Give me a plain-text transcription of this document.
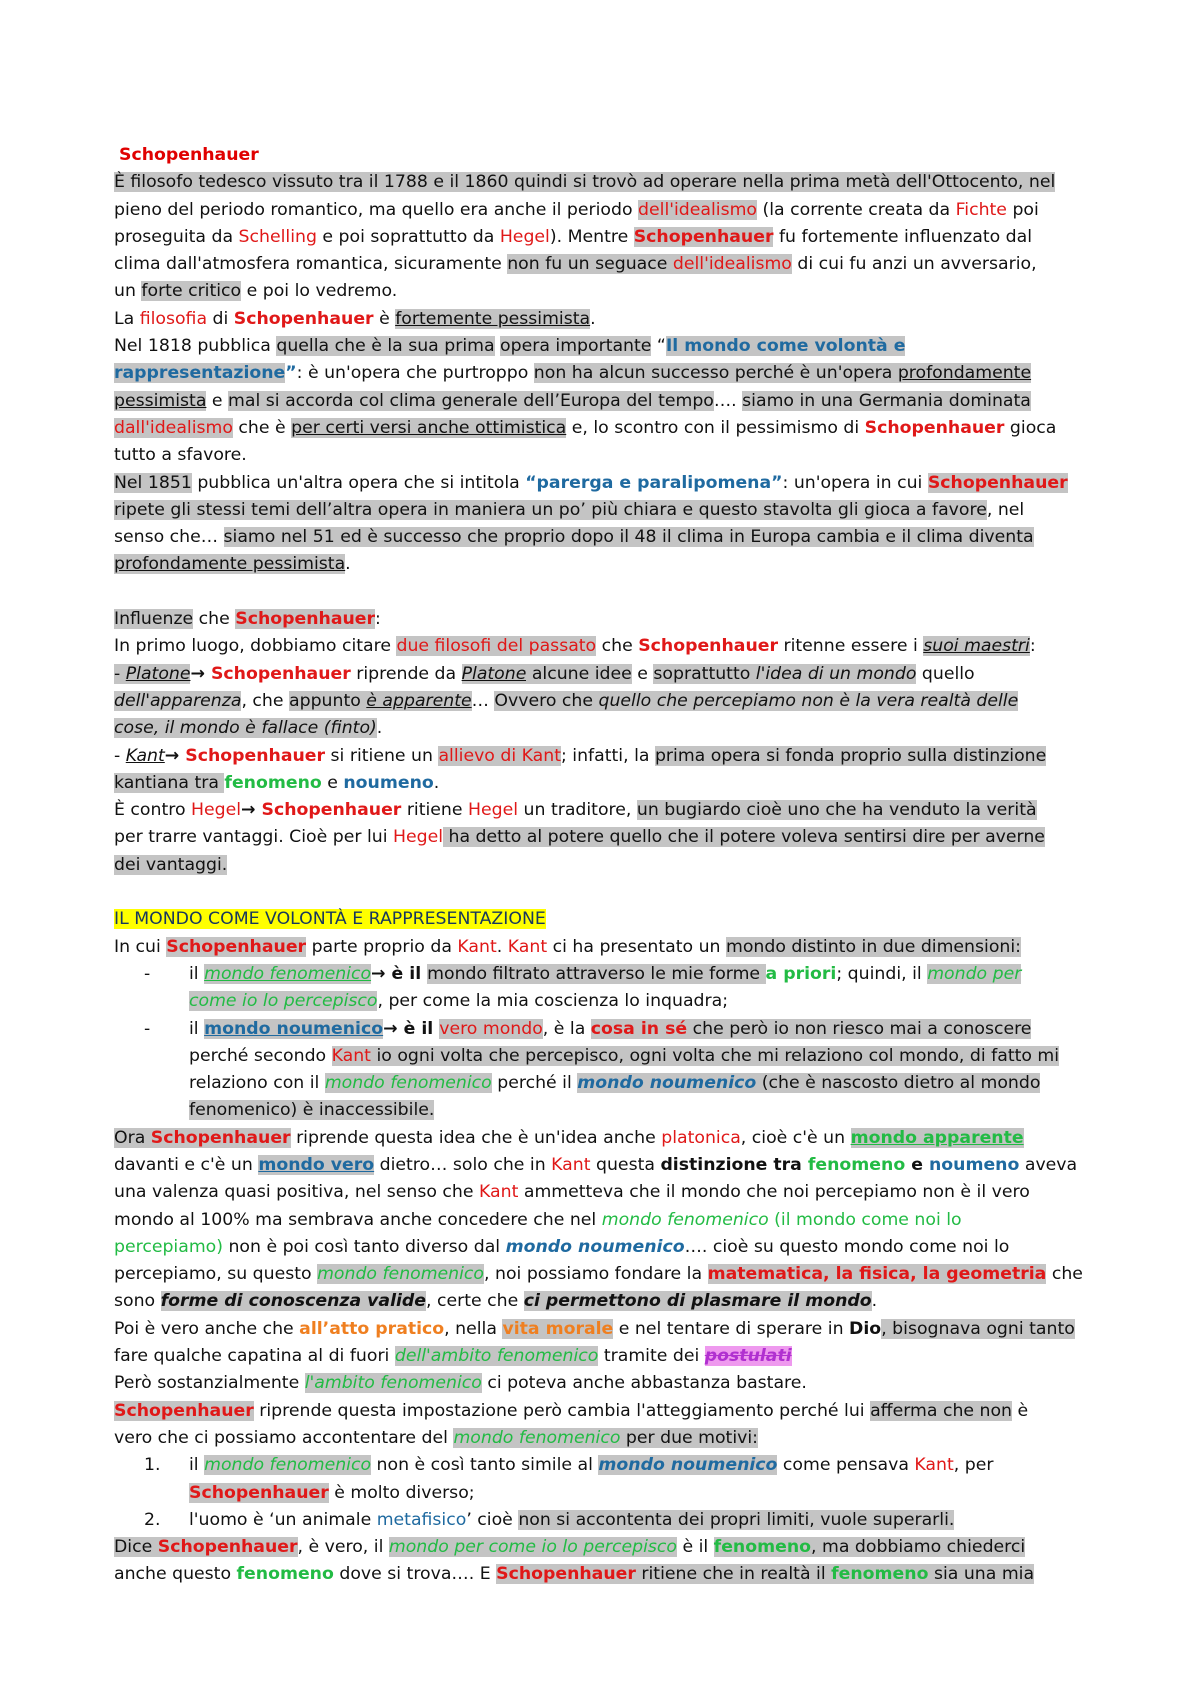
Schopenhauer
È filosofo tedesco vissuto tra il 1788 e il 1860 quindi si trovò ad operare nella prima metà dell'Ottocento, nel
pieno del periodo romantico, ma quello era anche il periodo dell'idealismo (la corrente creata da Fichte poi
proseguita da Schelling e poi soprattutto da Hegel). Mentre Schopenhauer fu fortemente influenzato dal
clima dall'atmosfera romantica, sicuramente non fu un seguace dell'idealismo di cui fu anzi un avversario,
un forte critico e poi lo vedremo.
La filosofia di Schopenhauer è fortemente pessimista.
Nel 1818 pubblica quella che è la sua prima opera importante “Il mondo come volontà e
rappresentazione”: è un'opera che purtroppo non ha alcun successo perché è un'opera profondamente
pessimista e mal si accorda col clima generale dell’Europa del tempo…. siamo in una Germania dominata
dall'idealismo che è per certi versi anche ottimistica e, lo scontro con il pessimismo di Schopenhauer gioca
tutto a sfavore.
Nel 1851 pubblica un'altra opera che si intitola “parerga e paralipomena”: un'opera in cui Schopenhauer
ripete gli stessi temi dell’altra opera in maniera un po’ più chiara e questo stavolta gli gioca a favore, nel
senso che… siamo nel 51 ed è successo che proprio dopo il 48 il clima in Europa cambia e il clima diventa
profondamente pessimista.
Influenze che Schopenhauer:
In primo luogo, dobbiamo citare due filosofi del passato che Schopenhauer ritenne essere i suoi maestri:
- Platone→ Schopenhauer riprende da Platone alcune idee e soprattutto l'idea di un mondo quello
dell'apparenza, che appunto è apparente… Ovvero che quello che percepiamo non è la vera realtà delle
cose, il mondo è fallace (finto).
- Kant→ Schopenhauer si ritiene un allievo di Kant; infatti, la prima opera si fonda proprio sulla distinzione
kantiana tra fenomeno e noumeno.
È contro Hegel→ Schopenhauer ritiene Hegel un traditore, un bugiardo cioè uno che ha venduto la verità
per trarre vantaggi. Cioè per lui Hegel ha detto al potere quello che il potere voleva sentirsi dire per averne
dei vantaggi.
IL MONDO COME VOLONTÀ E RAPPRESENTAZIONE
In cui Schopenhauer parte proprio da Kant. Kant ci ha presentato un mondo distinto in due dimensioni:
- il mondo fenomenico→ è il mondo filtrato attraverso le mie forme a priori; quindi, il mondo per
come io lo percepisco, per come la mia coscienza lo inquadra;
- il mondo noumenico→ è il vero mondo, è la cosa in sé che però io non riesco mai a conoscere
perché secondo Kant io ogni volta che percepisco, ogni volta che mi relaziono col mondo, di fatto mi
relaziono con il mondo fenomenico perché il mondo noumenico (che è nascosto dietro al mondo
fenomenico) è inaccessibile.
Ora Schopenhauer riprende questa idea che è un'idea anche platonica, cioè c'è un mondo apparente
davanti e c'è un mondo vero dietro… solo che in Kant questa distinzione tra fenomeno e noumeno aveva
una valenza quasi positiva, nel senso che Kant ammetteva che il mondo che noi percepiamo non è il vero
mondo al 100% ma sembrava anche concedere che nel mondo fenomenico (il mondo come noi lo
percepiamo) non è poi così tanto diverso dal mondo noumenico…. cioè su questo mondo come noi lo
percepiamo, su questo mondo fenomenico, noi possiamo fondare la matematica, la fisica, la geometria che
sono forme di conoscenza valide, certe che ci permettono di plasmare il mondo.
Poi è vero anche che all’atto pratico, nella vita morale e nel tentare di sperare in Dio, bisognava ogni tanto
fare qualche capatina al di fuori dell'ambito fenomenico tramite dei postulati
Però sostanzialmente l'ambito fenomenico ci poteva anche abbastanza bastare.
Schopenhauer riprende questa impostazione però cambia l'atteggiamento perché lui afferma che non è
vero che ci possiamo accontentare del mondo fenomenico per due motivi:
1. il mondo fenomenico non è così tanto simile al mondo noumenico come pensava Kant, per
Schopenhauer è molto diverso;
2. l'uomo è ‘un animale metafisico’ cioè non si accontenta dei propri limiti, vuole superarli.
Dice Schopenhauer, è vero, il mondo per come io lo percepisco è il fenomeno, ma dobbiamo chiederci
anche questo fenomeno dove si trova…. E Schopenhauer ritiene che in realtà il fenomeno sia una mia
